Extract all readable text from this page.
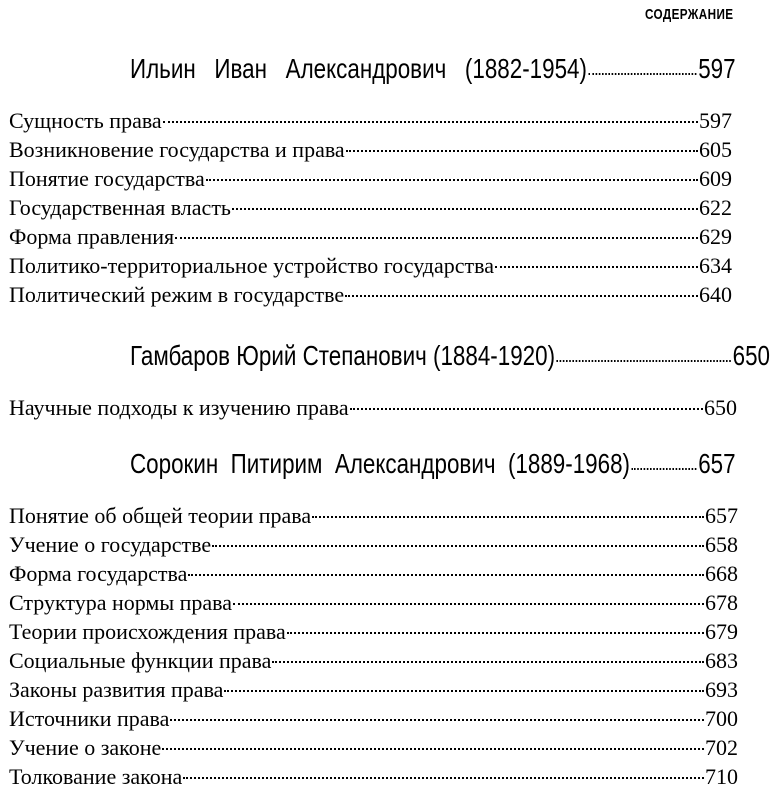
СОДЕРЖАНИЕ
Ильин   Иван   Александрович   (1882-1954)	597
Сущность права	597
Возникновение государства и права	605
Понятие государства	609
Государственная власть	622
Форма правления	629
Политико-территориальное устройство государства	634
Политический режим в государстве	640
Гамбаров Юрий Степанович (1884-1920)	650
Научные подходы к изучению права	650
Сорокин  Питирим  Александрович  (1889-1968) 657
Понятие об общей теории права	657
Учение о государстве	658
Форма государства	668
Структура нормы права	678
Теории происхождения права	679
Социальные функции права	683
Законы развития права	693
Источники права	700
Учение о законе	702
Толкование закона	710
